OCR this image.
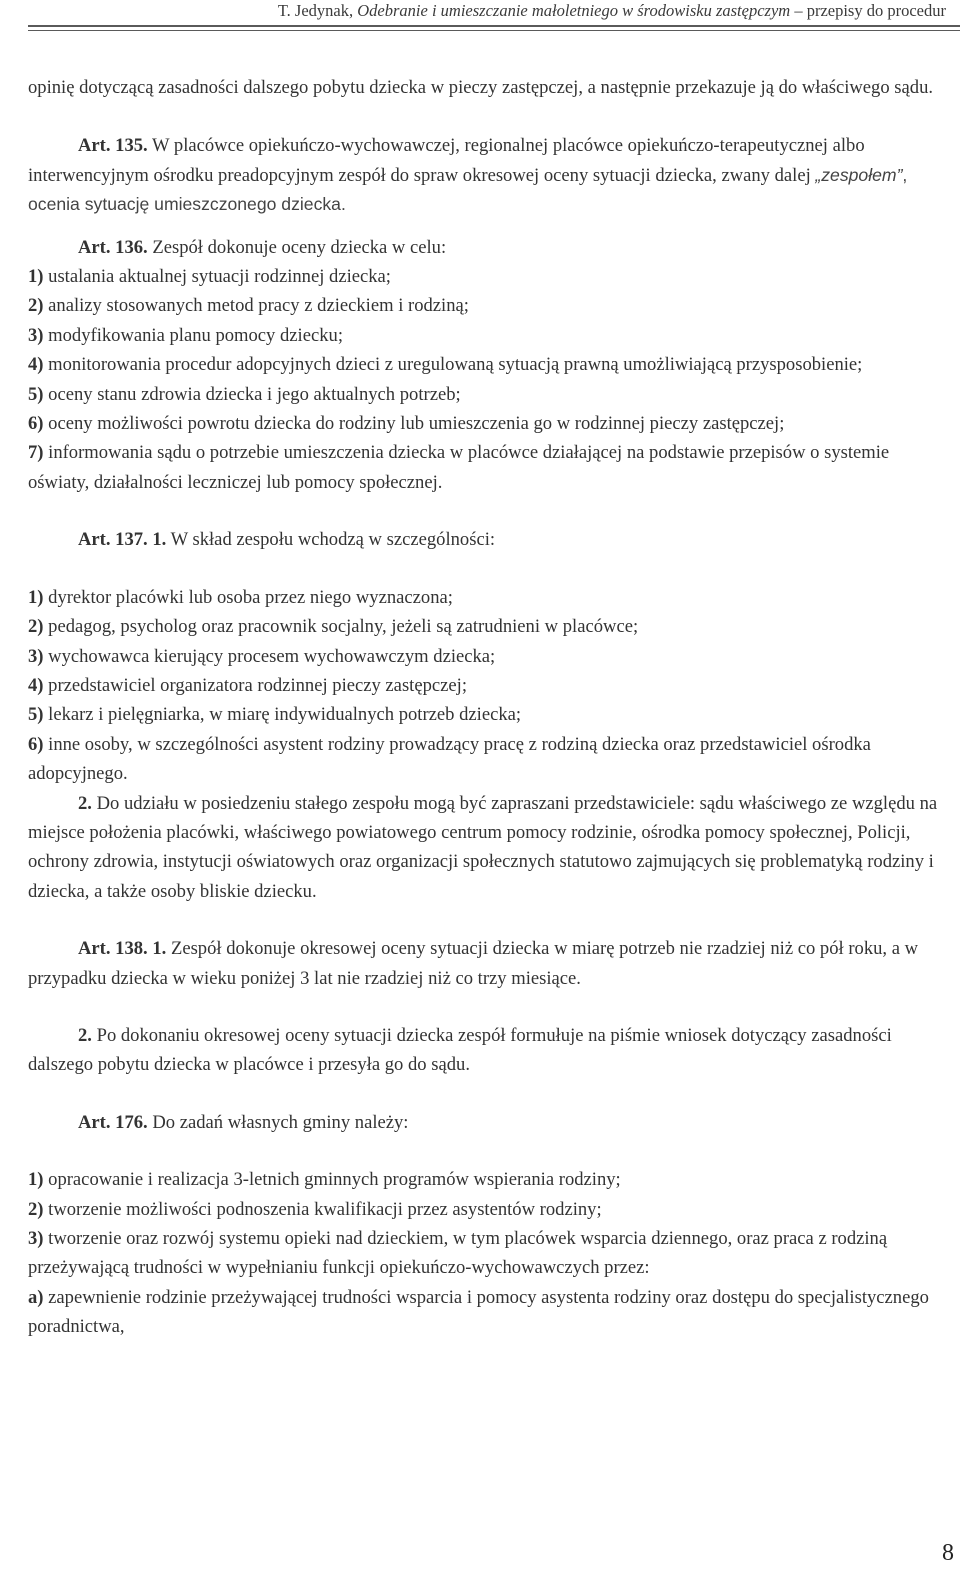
T. Jedynak, Odebranie i umieszczanie małoletniego w środowisku zastępczym – przepisy do procedur

opinię dotyczącą zasadności dalszego pobytu dziecka w pieczy zastępczej, a następnie przekazuje ją do właściwego sądu.

Art. 135. W placówce opiekuńczo-wychowawczej, regionalnej placówce opiekuńczo-terapeutycznej albo interwencyjnym ośrodku preadopcyjnym zespół do spraw okresowej oceny sytuacji dziecka, zwany dalej „zespołem”, ocenia sytuację umieszczonego dziecka.

Art. 136. Zespół dokonuje oceny dziecka w celu:

1) ustalania aktualnej sytuacji rodzinnej dziecka;
2) analizy stosowanych metod pracy z dzieckiem i rodziną;
3) modyfikowania planu pomocy dziecku;
4) monitorowania procedur adopcyjnych dzieci z uregulowaną sytuacją prawną umożliwiającą przysposobienie;
5) oceny stanu zdrowia dziecka i jego aktualnych potrzeb;
6) oceny możliwości powrotu dziecka do rodziny lub umieszczenia go w rodzinnej pieczy zastępczej;
7) informowania sądu o potrzebie umieszczenia dziecka w placówce działającej na podstawie przepisów o systemie oświaty, działalności leczniczej lub pomocy społecznej.

Art. 137. 1. W skład zespołu wchodzą w szczególności:

1) dyrektor placówki lub osoba przez niego wyznaczona;
2) pedagog, psycholog oraz pracownik socjalny, jeżeli są zatrudnieni w placówce;
3) wychowawca kierujący procesem wychowawczym dziecka;
4) przedstawiciel organizatora rodzinnej pieczy zastępczej;
5) lekarz i pielęgniarka, w miarę indywidualnych potrzeb dziecka;
6) inne osoby, w szczególności asystent rodziny prowadzący pracę z rodziną dziecka oraz przedstawiciel ośrodka adopcyjnego.

2. Do udziału w posiedzeniu stałego zespołu mogą być zapraszani przedstawiciele: sądu właściwego ze względu na miejsce położenia placówki, właściwego powiatowego centrum pomocy rodzinie, ośrodka pomocy społecznej, Policji, ochrony zdrowia, instytucji oświatowych oraz organizacji społecznych statutowo zajmujących się problematyką rodziny i dziecka, a także osoby bliskie dziecku.

Art. 138. 1. Zespół dokonuje okresowej oceny sytuacji dziecka w miarę potrzeb nie rzadziej niż co pół roku, a w przypadku dziecka w wieku poniżej 3 lat nie rzadziej niż co trzy miesiące.

2. Po dokonaniu okresowej oceny sytuacji dziecka zespół formułuje na piśmie wniosek dotyczący zasadności dalszego pobytu dziecka w placówce i przesyła go do sądu.

Art. 176. Do zadań własnych gminy należy:

1) opracowanie i realizacja 3-letnich gminnych programów wspierania rodziny;
2) tworzenie możliwości podnoszenia kwalifikacji przez asystentów rodziny;
3) tworzenie oraz rozwój systemu opieki nad dzieckiem, w tym placówek wsparcia dziennego, oraz praca z rodziną przeżywającą trudności w wypełnianiu funkcji opiekuńczo-wychowawczych przez:
a) zapewnienie rodzinie przeżywającej trudności wsparcia i pomocy asystenta rodziny oraz dostępu do specjalistycznego poradnictwa,
8
